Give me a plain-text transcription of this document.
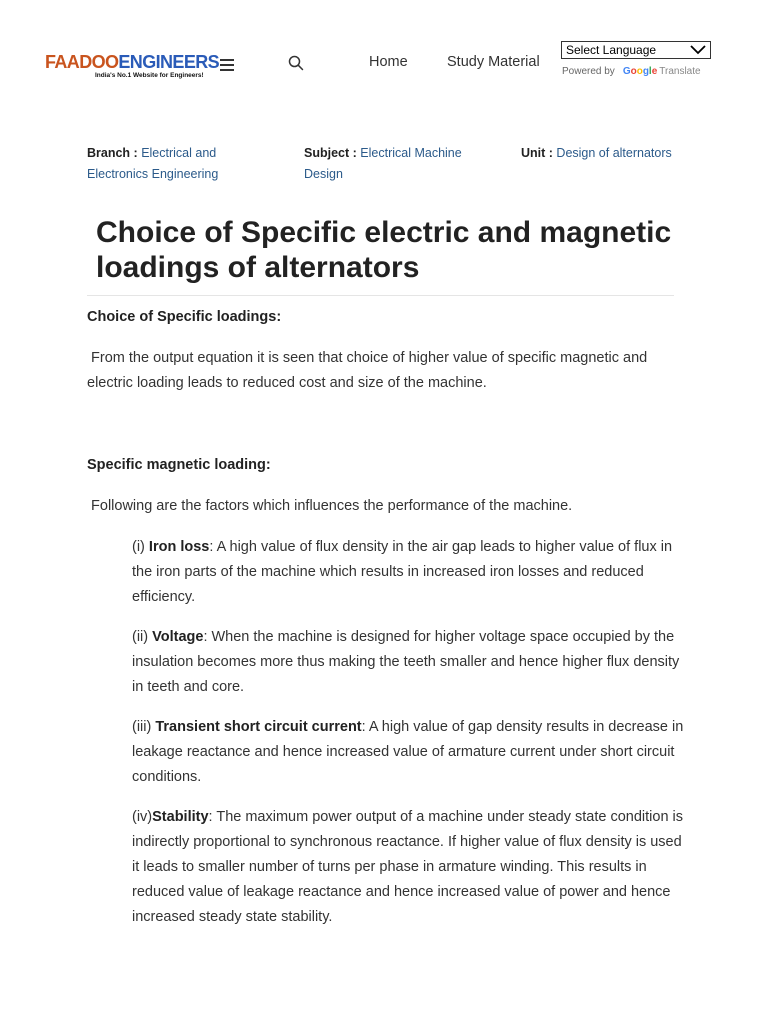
FAADOOENGINEERS
India's No.1 Website for Engineers!
Home	Study Material
Select Language
Powered by Google Translate
Branch : Electrical and Electronics Engineering
Subject : Electrical Machine Design
Unit : Design of alternators
Choice of Specific electric and magnetic loadings of alternators

Choice of Specific loadings:

From the output equation it is seen that choice of higher value of specific magnetic and electric loading leads to reduced cost and size of the machine.

Specific magnetic loading:

Following are the factors which influences the performance of the machine.

(i) Iron loss: A high value of flux density in the air gap leads to higher value of flux in the iron parts of the machine which results in increased iron losses and reduced efficiency.

(ii) Voltage: When the machine is designed for higher voltage space occupied by the insulation becomes more thus making the teeth smaller and hence higher flux density in teeth and core.

(iii) Transient short circuit current: A high value of gap density results in decrease in leakage reactance and hence increased value of armature current under short circuit conditions.

(iv)Stability: The maximum power output of a machine under steady state condition is indirectly proportional to synchronous reactance. If higher value of flux density is used it leads to smaller number of turns per phase in armature winding. This results in reduced value of leakage reactance and hence increased value of power and hence increased steady state stability.
